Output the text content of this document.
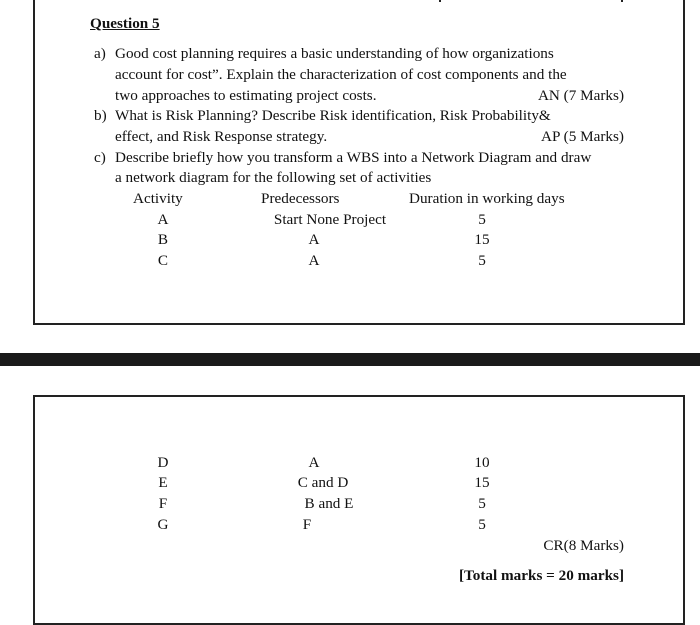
Question 5
a) Good cost planning requires a basic understanding of how organizations
account for cost”. Explain the characterization of cost components and the
two approaches to estimating project costs.	AN (7 Marks)
b) What is Risk Planning? Describe Risk identification, Risk Probability&
effect, and Risk Response strategy.	AP (5 Marks)
c) Describe briefly how you transform a WBS into a Network Diagram and draw
a network diagram for the following set of activities
Activity	Predecessors	Duration in working days
A	Start None Project	5
B	A	15
C	A	5
D	A	10
E	C and D	15
F	B and E	5
G	F	5
CR(8 Marks)
[Total marks = 20 marks]
